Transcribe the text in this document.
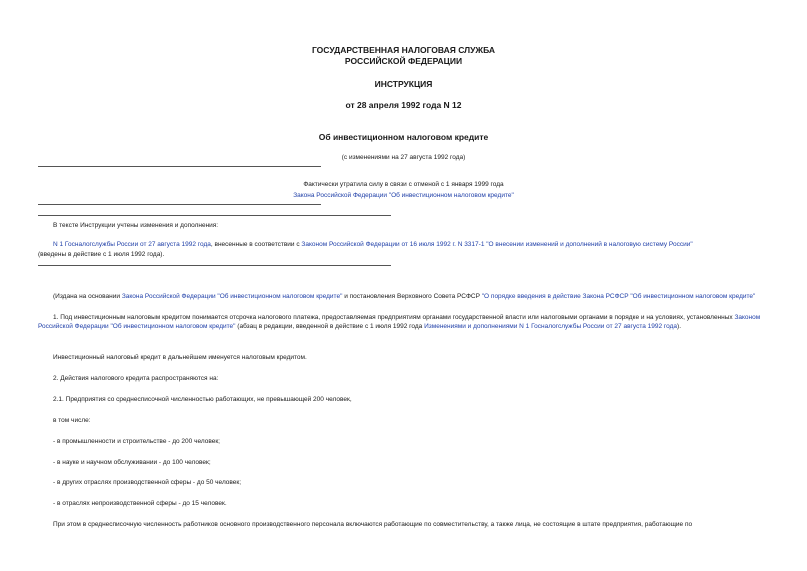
ГОСУДАРСТВЕННАЯ НАЛОГОВАЯ СЛУЖБА
РОССИЙСКОЙ ФЕДЕРАЦИИ
ИНСТРУКЦИЯ
от 28 апреля 1992 года N 12
Об инвестиционном налоговом кредите
(с изменениями на 27 августа 1992 года)
Фактически утратила силу в связи с отменой с 1 января 1999 года
Закона Российской Федерации "Об инвестиционном налоговом кредите"
В тексте Инструкции учтены изменения и дополнения:
N 1 Госналогслужбы России от 27 августа 1992 года, внесенные в соответствии с Законом Российской Федерации от 16 июля 1992 г. N 3317-1 "О внесении изменений и дополнений в налоговую систему России"
(введены в действие с 1 июля 1992 года).
(Издана на основании Закона Российской Федерации "Об инвестиционном налоговом кредите" и постановления Верховного Совета РСФСР "О порядке введения в действие Закона РСФСР "Об инвестиционном налоговом кредите"
1. Под инвестиционным налоговым кредитом понимается отсрочка налогового платежа, предоставляемая предприятиям органами государственной власти или налоговыми органами в порядке и на условиях, установленных Законом Российской Федерации "Об инвестиционном налоговом кредите" (абзац в редакции, введенной в действие с 1 июля 1992 года Изменениями и дополнениями N 1 Госналогслужбы России от 27 августа 1992 года).
Инвестиционный налоговый кредит в дальнейшем именуется налоговым кредитом.
2. Действия налогового кредита распространяются на:
2.1. Предприятия со среднесписочной численностью работающих, не превышающей 200 человек,
в том числе:
- в промышленности и строительстве - до 200 человек;
- в науке и научном обслуживании - до 100 человек;
- в других отраслях производственной сферы - до 50 человек;
- в отраслях непроизводственной сферы - до 15 человек.
При этом в среднесписочную численность работников основного производственного персонала включаются работающие по совместительству, а также лица, не состоящие в штате предприятия, работающие по
